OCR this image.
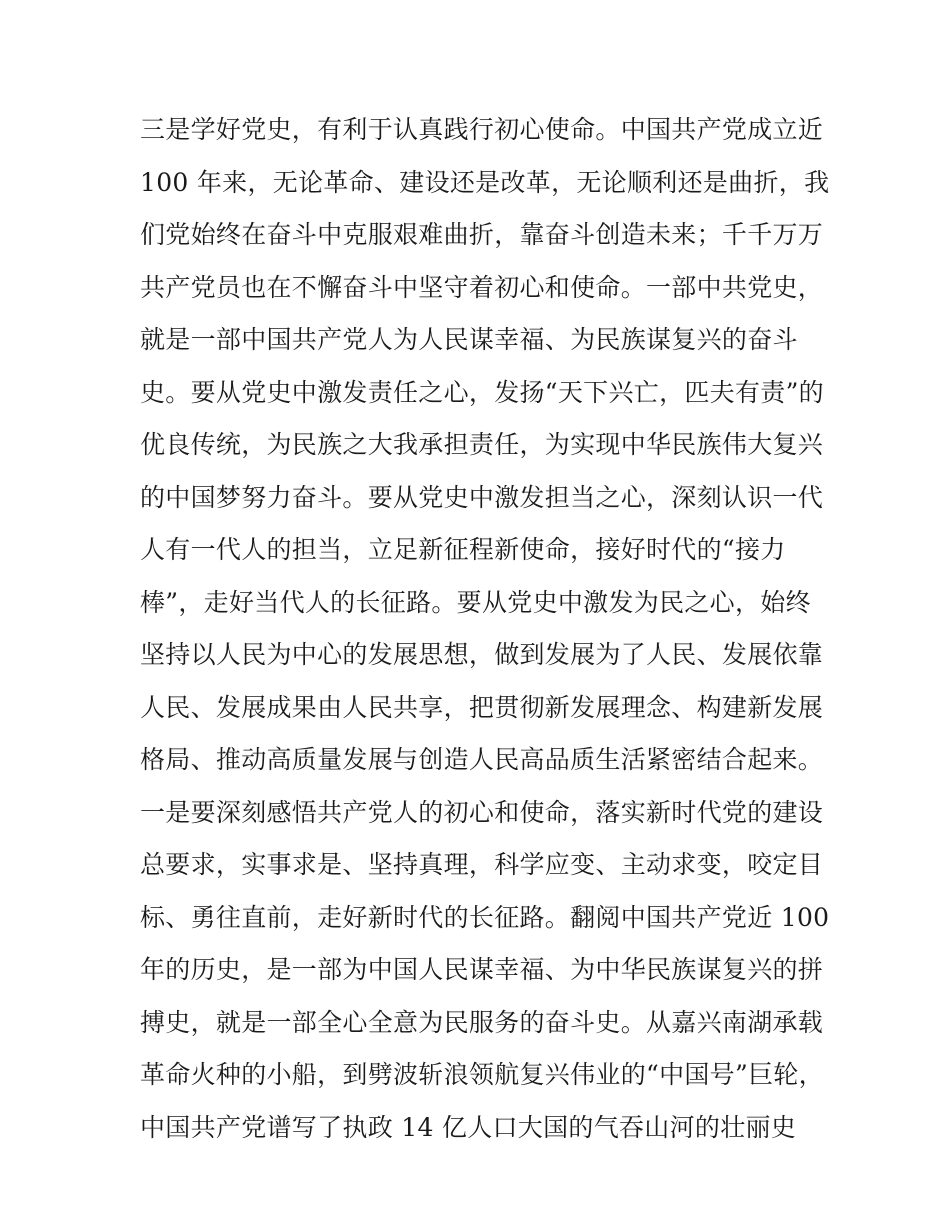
三是学好党史，有利于认真践行初心使命。中国共产党成立近
100 年来，无论革命、建设还是改革，无论顺利还是曲折，我
们党始终在奋斗中克服艰难曲折，靠奋斗创造未来；千千万万
共产党员也在不懈奋斗中坚守着初心和使命。一部中共党史，
就是一部中国共产党人为人民谋幸福、为民族谋复兴的奋斗
史。要从党史中激发责任之心，发扬“天下兴亡，匹夫有责”的
优良传统，为民族之大我承担责任，为实现中华民族伟大复兴
的中国梦努力奋斗。要从党史中激发担当之心，深刻认识一代
人有一代人的担当，立足新征程新使命，接好时代的“接力
棒”，走好当代人的长征路。要从党史中激发为民之心，始终
坚持以人民为中心的发展思想，做到发展为了人民、发展依靠
人民、发展成果由人民共享，把贯彻新发展理念、构建新发展
格局、推动高质量发展与创造人民高品质生活紧密结合起来。
一是要深刻感悟共产党人的初心和使命，落实新时代党的建设
总要求，实事求是、坚持真理，科学应变、主动求变，咬定目
标、勇往直前，走好新时代的长征路。翻阅中国共产党近 100
年的历史，是一部为中国人民谋幸福、为中华民族谋复兴的拼
搏史，就是一部全心全意为民服务的奋斗史。从嘉兴南湖承载
革命火种的小船，到劈波斩浪领航复兴伟业的“中国号”巨轮，
中国共产党谱写了执政 14 亿人口大国的气吞山河的壮丽史
